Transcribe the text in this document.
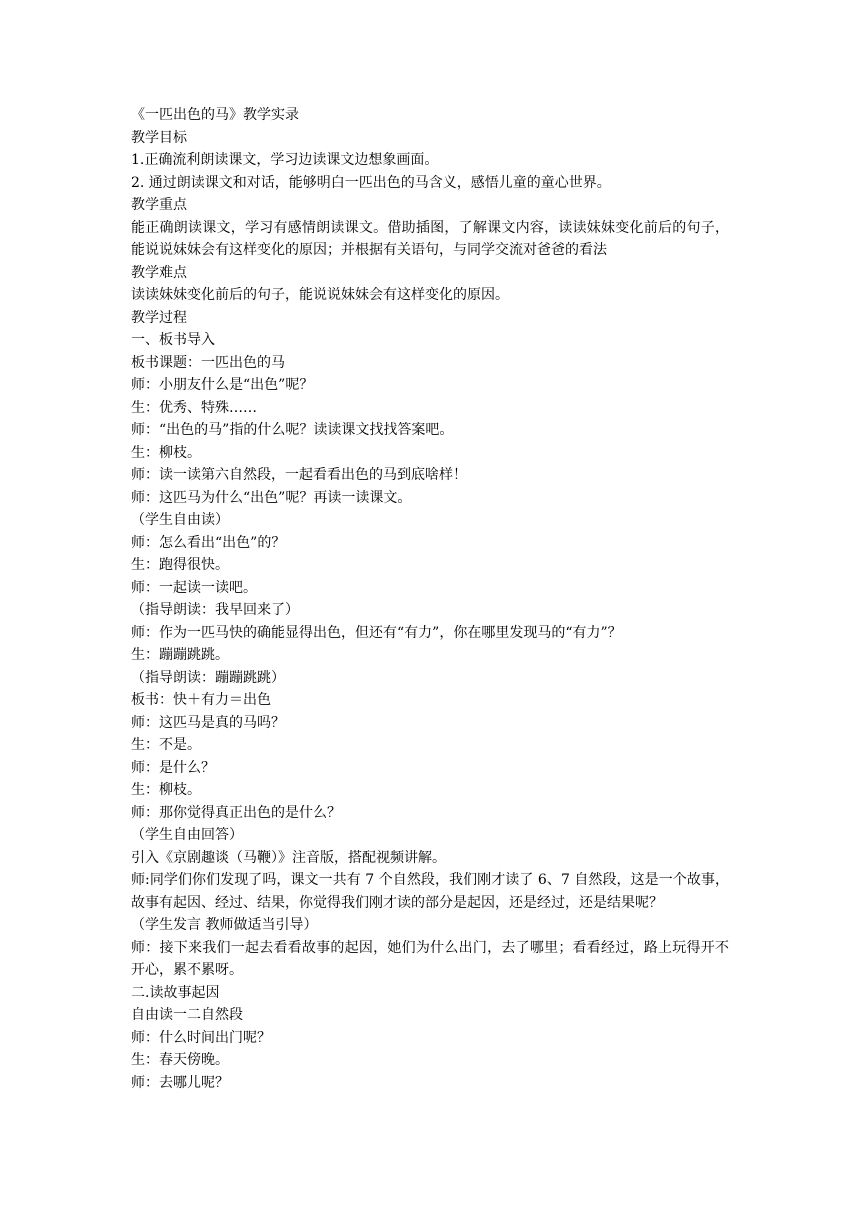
《一匹出色的马》教学实录
教学目标
1.正确流利朗读课文，学习边读课文边想象画面。
2. 通过朗读课文和对话，能够明白一匹出色的马含义，感悟儿童的童心世界。
教学重点
能正确朗读课文，学习有感情朗读课文。借助插图，了解课文内容，读读妹妹变化前后的句子，能说说妹妹会有这样变化的原因；并根据有关语句，与同学交流对爸爸的看法
教学难点
读读妹妹变化前后的句子，能说说妹妹会有这样变化的原因。
教学过程
一、板书导入
板书课题：一匹出色的马
师：小朋友什么是“出色”呢？
生：优秀、特殊……
师：“出色的马”指的什么呢？读读课文找找答案吧。
生：柳枝。
师：读一读第六自然段，一起看看出色的马到底啥样！
师：这匹马为什么“出色”呢？再读一读课文。
（学生自由读）
师：怎么看出“出色”的？
生：跑得很快。
师：一起读一读吧。
（指导朗读：我早回来了）
师：作为一匹马快的确能显得出色，但还有“有力”，你在哪里发现马的“有力”？
生：蹦蹦跳跳。
（指导朗读：蹦蹦跳跳）
板书：快＋有力＝出色
师：这匹马是真的马吗？
生：不是。
师：是什么？
生：柳枝。
师：那你觉得真正出色的是什么？
（学生自由回答）
引入《京剧趣谈（马鞭）》注音版，搭配视频讲解。
师:同学们你们发现了吗，课文一共有 7 个自然段，我们刚才读了 6、7 自然段，这是一个故事，故事有起因、经过、结果，你觉得我们刚才读的部分是起因，还是经过，还是结果呢？
（学生发言 教师做适当引导）
师：接下来我们一起去看看故事的起因，她们为什么出门，去了哪里；看看经过，路上玩得开不开心，累不累呀。
二.读故事起因
自由读一二自然段
师：什么时间出门呢？
生：春天傍晚。
师：去哪儿呢？
